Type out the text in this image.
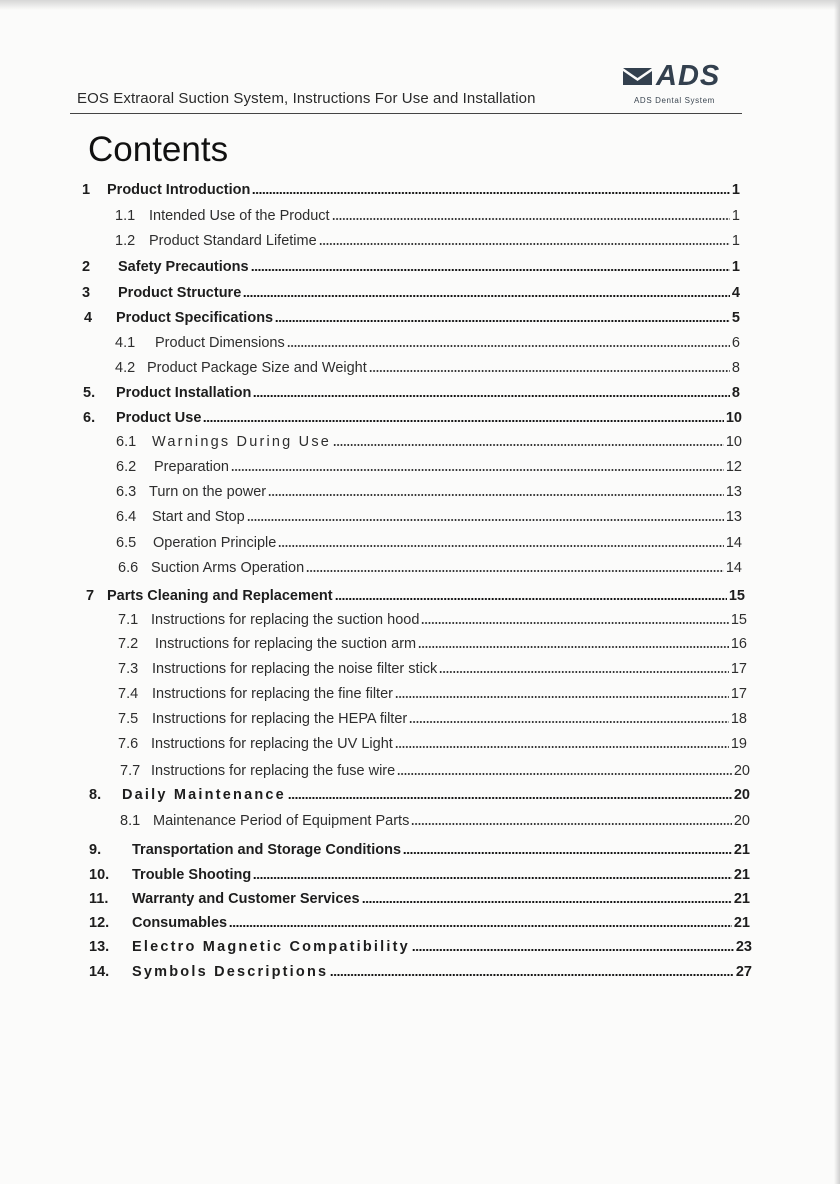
EOS Extraoral Suction System, Instructions For Use and Installation
ADS
ADS Dental System
Contents
1	Product Introduction	1
1.1 Intended Use of the Product	1
1.2 Product Standard Lifetime	1
2	Safety Precautions	1
3	Product Structure	4
4	Product Specifications	5
4.1	Product Dimensions	6
4.2 Product Package Size and Weight	8
5.	Product Installation	8
6.	Product Use	10
6.1	Warnings During Use	10
6.2	Preparation	12
6.3 Turn on the power	13
6.4	Start and Stop	13
6.5	Operation Principle	14
6.6 Suction Arms Operation	14
7 Parts Cleaning and Replacement	15
7.1 Instructions for replacing the suction hood	15
7.2	Instructions for replacing the suction arm	16
7.3 Instructions for replacing the noise filter stick	17
7.4 Instructions for replacing the fine filter	17
7.5 Instructions for replacing the HEPA filter	18
7.6 Instructions for replacing the UV Light	19
7.7 Instructions for replacing the fuse wire	20
8.	Daily Maintenance	20
8.1 Maintenance Period of Equipment Parts	20
9.	Transportation and Storage Conditions	21
10.	Trouble Shooting	21
11.	Warranty and Customer Services	21
12.	Consumables	21
13.	Electro Magnetic Compatibility	23
14.	Symbols Descriptions	27
